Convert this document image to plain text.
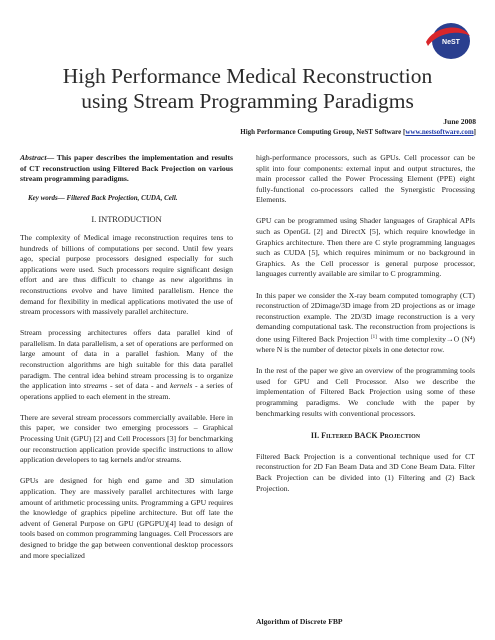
NeST
High Performance Medical Reconstruction
using Stream Programming Paradigms
June 2008
High Performance Computing Group, NeST Software [www.nestsoftware.com]

Abstract— This paper describes the implementation and results of CT reconstruction using Filtered Back Projection on various stream programming paradigms.

Key words— Filtered Back Projection, CUDA, Cell.

I. INTRODUCTION

The complexity of Medical image reconstruction requires tens to hundreds of billions of computations per second. Until few years ago, special purpose processors designed especially for such applications were used. Such processors require significant design effort and are thus difficult to change as new algorithms in reconstructions evolve and have limited parallelism. Hence the demand for flexibility in medical applications motivated the use of stream processors with massively parallel architecture.

Stream processing architectures offers data parallel kind of parallelism. In data parallelism, a set of operations are performed on large amount of data in a parallel fashion. Many of the reconstruction algorithms are high suitable for this data parallel paradigm. The central idea behind stream processing is to organize the application into streams - set of data - and kernels - a series of operations applied to each element in the stream.

There are several stream processors commercially available. Here in this paper, we consider two emerging processors – Graphical Processing Unit (GPU) [2] and Cell Processors [3] for benchmarking our reconstruction application provide specific instructions to allow application developers to tag kernels and/or streams.

GPUs are designed for high end game and 3D simulation application. They are massively parallel architectures with large amount of arithmetic processing units. Programming a GPU requires the knowledge of graphics pipeline architecture. But off late the advent of General Purpose on GPU (GPGPU)[4] lead to design of tools based on common programming languages. Cell Processors are designed to bridge the gap between conventional desktop processors and more specialized

high-performance processors, such as GPUs. Cell processor can be split into four components: external input and output structures, the main processor called the Power Processing Element (PPE) eight fully-functional co-processors called the Synergistic Processing Elements.

GPU can be programmed using Shader languages of Graphical APIs such as OpenGL [2] and DirectX [5], which require knowledge in Graphics architecture. Then there are C style programming languages such as CUDA [5], which requires minimum or no background in Graphics. As the Cell processor is general purpose processor, languages currently available are similar to C programming.

In this paper we consider the X-ray beam computed tomography (CT) reconstruction of 2Dimage/3D image from 2D projections as or image reconstruction example. The 2D/3D image reconstruction is a very demanding computational task. The reconstruction from projections is done using Filtered Back Projection [1] with time complexity→O (N⁴) where N is the number of detector pixels in one detector row.

In the rest of the paper we give an overview of the programming tools used for GPU and Cell Processor. Also we describe the implementation of Filtered Back Projection using some of these programming paradigms. We conclude with the paper by benchmarking results with conventional processors.

II. Filtered BACK Projection

Filtered Back Projection is a conventional technique used for CT reconstruction for 2D Fan Beam Data and 3D Cone Beam Data. Filter Back Projection can be divided into (1) Filtering and (2) Back Projection.

Algorithm of Discrete FBP
